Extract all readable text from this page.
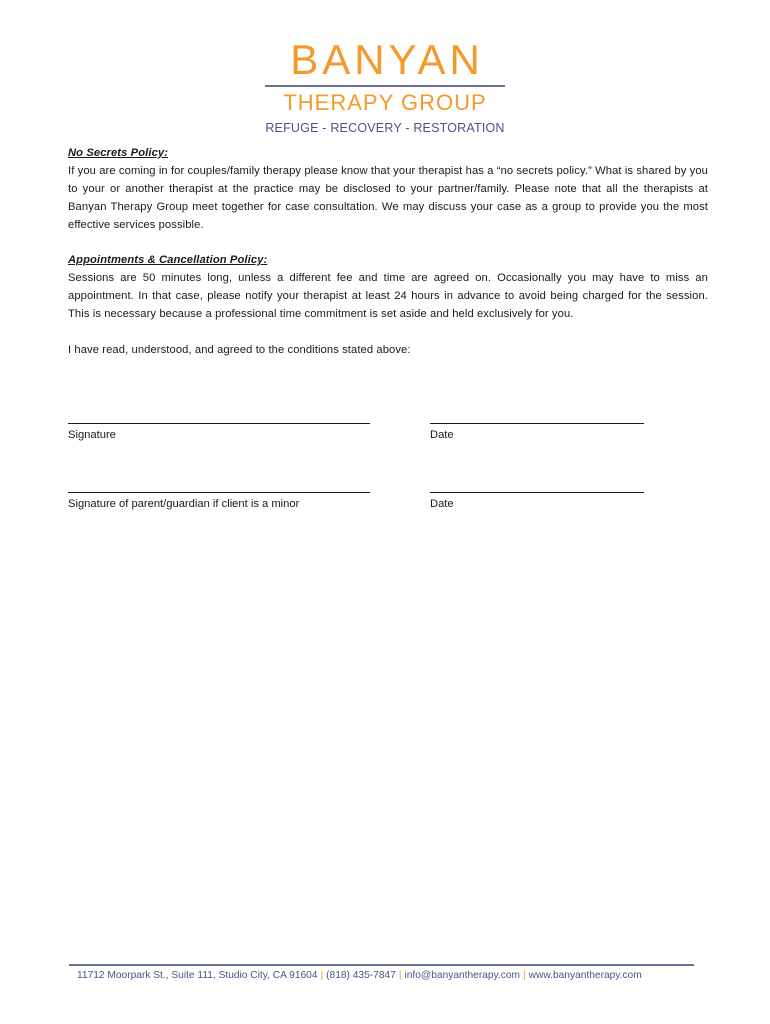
BANYAN
THERAPY GROUP
REFUGE - RECOVERY - RESTORATION

No Secrets Policy:

If you are coming in for couples/family therapy please know that your therapist has a “no secrets policy.” What is shared by you to your or another therapist at the practice may be disclosed to your partner/family. Please note that all the therapists at Banyan Therapy Group meet together for case consultation. We may discuss your case as a group to provide you the most effective services possible.

Appointments & Cancellation Policy:

Sessions are 50 minutes long, unless a different fee and time are agreed on. Occasionally you may have to miss an appointment. In that case, please notify your therapist at least 24 hours in advance to avoid being charged for the session. This is necessary because a professional time commitment is set aside and held exclusively for you.

I have read, understood, and agreed to the conditions stated above:

Signature	Date
Signature of parent/guardian if client is a minor	Date
11712 Moorpark St., Suite 111, Studio City, CA 91604 | (818) 435-7847 | info@banyantherapy.com | www.banyantherapy.com
